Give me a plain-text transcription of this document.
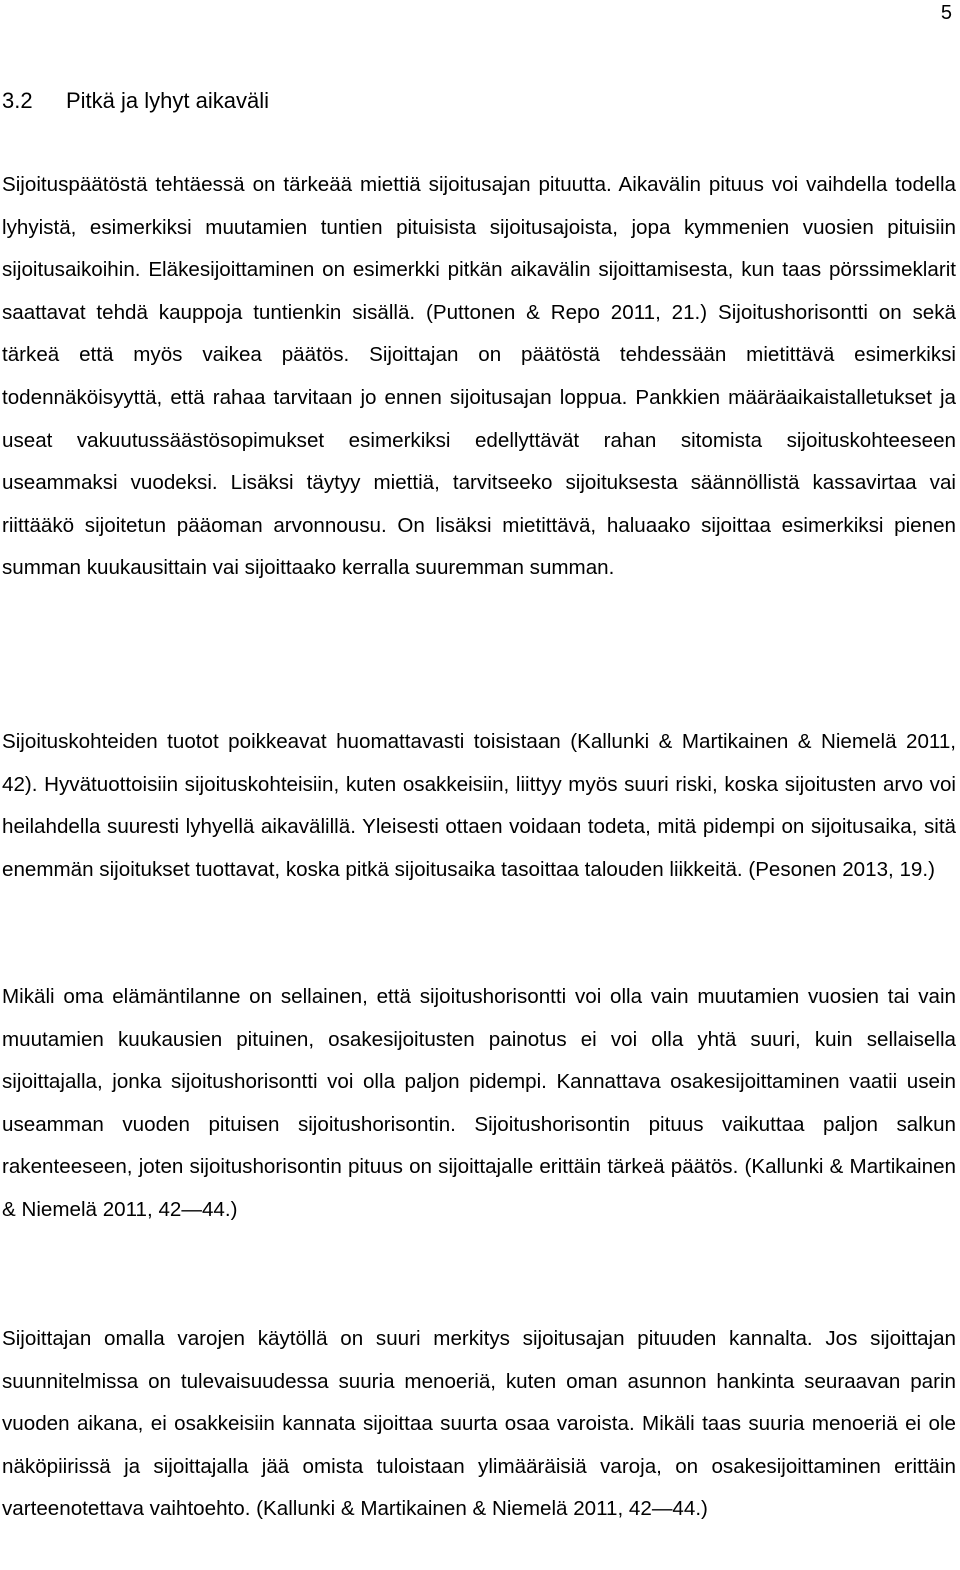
5
3.2 Pitkä ja lyhyt aikaväli

Sijoituspäätöstä tehtäessä on tärkeää miettiä sijoitusajan pituutta. Aikavälin pituus voi vaihdella todella lyhyistä, esimerkiksi muutamien tuntien pituisista sijoitusajoista, jopa kymmenien vuosien pituisiin sijoitusaikoihin. Eläkesijoittaminen on esimerkki pitkän aikavälin sijoittamisesta, kun taas pörssimeklarit saattavat tehdä kauppoja tuntienkin sisällä. (Puttonen & Repo 2011, 21.) Sijoitushorisontti on sekä tärkeä että myös vaikea päätös. Sijoittajan on päätöstä tehdessään mietittävä esimerkiksi todennäköisyyttä, että rahaa tarvitaan jo ennen sijoitusajan loppua. Pankkien määräaikaistalletukset ja useat vakuutussäästösopimukset esimerkiksi edellyttävät rahan sitomista sijoituskohteeseen useammaksi vuodeksi. Lisäksi täytyy miettiä, tarvitseeko sijoituksesta säännöllistä kassavirtaa vai riittääkö sijoitetun pääoman arvonnousu. On lisäksi mietittävä, haluaako sijoittaa esimerkiksi pienen summan kuukausittain vai sijoittaako kerralla suuremman summan.

Sijoituskohteiden tuotot poikkeavat huomattavasti toisistaan (Kallunki & Martikainen & Niemelä 2011, 42). Hyvätuottoisiin sijoituskohteisiin, kuten osakkeisiin, liittyy myös suuri riski, koska sijoitusten arvo voi heilahdella suuresti lyhyellä aikavälillä. Yleisesti ottaen voidaan todeta, mitä pidempi on sijoitusaika, sitä enemmän sijoitukset tuottavat, koska pitkä sijoitusaika tasoittaa talouden liikkeitä. (Pesonen 2013, 19.)

Mikäli oma elämäntilanne on sellainen, että sijoitushorisontti voi olla vain muutamien vuosien tai vain muutamien kuukausien pituinen, osakesijoitusten painotus ei voi olla yhtä suuri, kuin sellaisella sijoittajalla, jonka sijoitushorisontti voi olla paljon pidempi. Kannattava osakesijoittaminen vaatii usein useamman vuoden pituisen sijoitushorisontin. Sijoitushorisontin pituus vaikuttaa paljon salkun rakenteeseen, joten sijoitushorisontin pituus on sijoittajalle erittäin tärkeä päätös. (Kallunki & Martikainen & Niemelä 2011, 42—44.)

Sijoittajan omalla varojen käytöllä on suuri merkitys sijoitusajan pituuden kannalta. Jos sijoittajan suunnitelmissa on tulevaisuudessa suuria menoeriä, kuten oman asunnon hankinta seuraavan parin vuoden aikana, ei osakkeisiin kannata sijoittaa suurta osaa varoista. Mikäli taas suuria menoeriä ei ole näköpiirissä ja sijoittajalla jää omista tuloistaan ylimääräisiä varoja, on osakesijoittaminen erittäin varteenotettava vaihtoehto. (Kallunki & Martikainen & Niemelä 2011, 42—44.)
